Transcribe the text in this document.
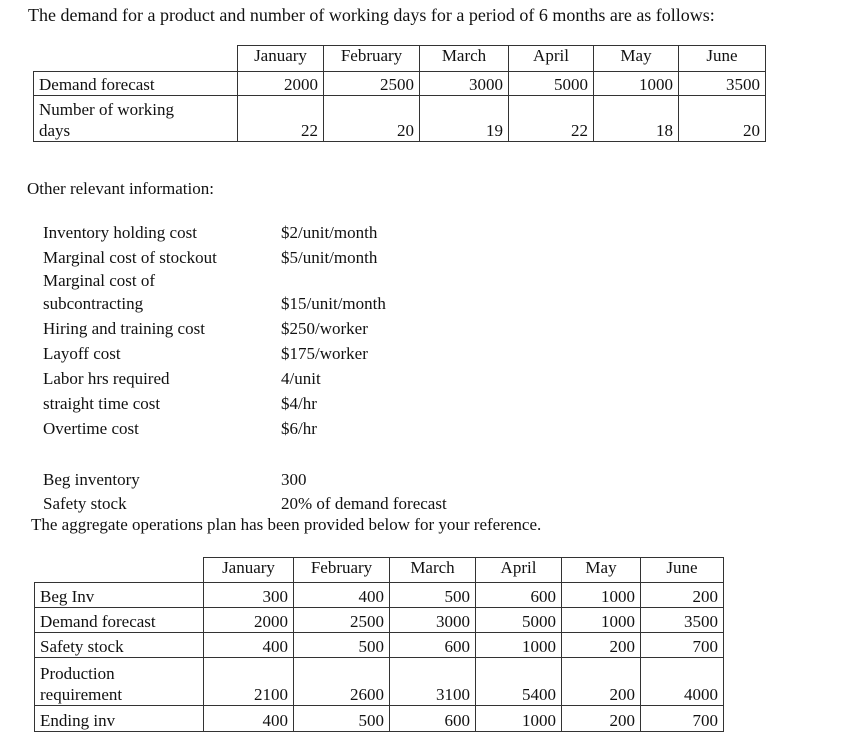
The demand for a product and number of working days for a period of 6 months are as follows:
	January	February	March	April	May	June
Demand forecast	2000	2500	3000	5000	1000	3500
Number of working
days	22	20	19	22	18	20
Other relevant information:
Inventory holding cost	$2/unit/month
Marginal cost of stockout	$5/unit/month
Marginal cost of
subcontracting	$15/unit/month
Hiring and training cost	$250/worker
Layoff cost	$175/worker
Labor hrs required	4/unit
straight time cost	$4/hr
Overtime cost	$6/hr
Beg inventory	300
Safety stock	20% of demand forecast
The aggregate operations plan has been provided below for your reference.
	January	February	March	April	May	June
Beg Inv	300	400	500	600	1000	200
Demand forecast	2000	2500	3000	5000	1000	3500
Safety stock	400	500	600	1000	200	700
Production
requirement	2100	2600	3100	5400	200	4000
Ending inv	400	500	600	1000	200	700
